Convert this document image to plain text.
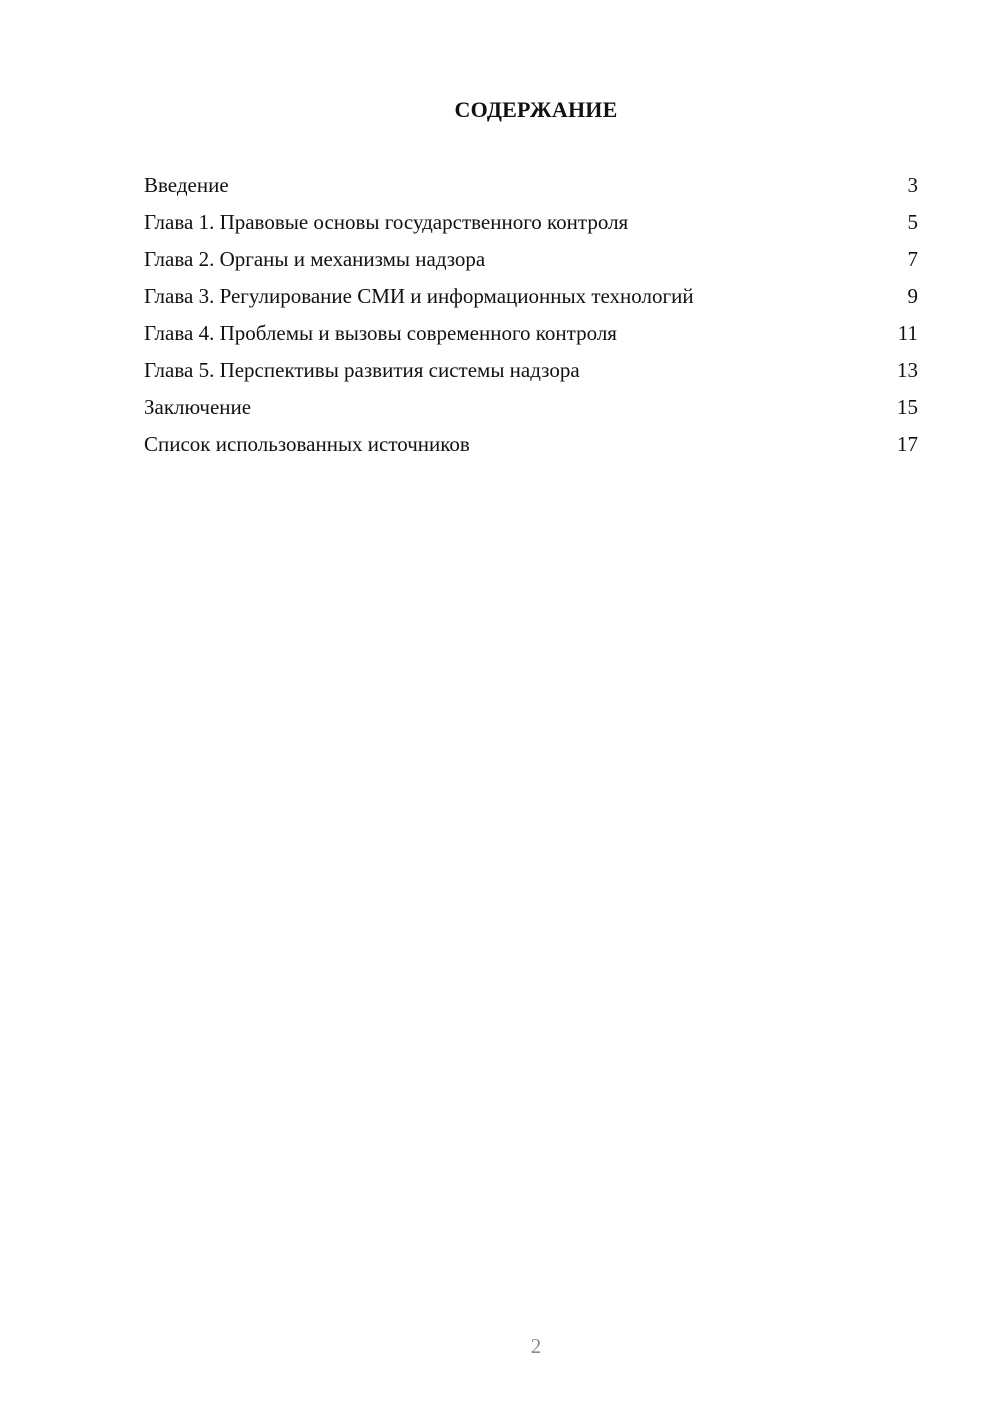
СОДЕРЖАНИЕ
Введение	3
Глава 1. Правовые основы государственного контроля	5
Глава 2. Органы и механизмы надзора	7
Глава 3. Регулирование СМИ и информационных технологий	9
Глава 4. Проблемы и вызовы современного контроля	11
Глава 5. Перспективы развития системы надзора	13
Заключение	15
Список использованных источников	17
2
